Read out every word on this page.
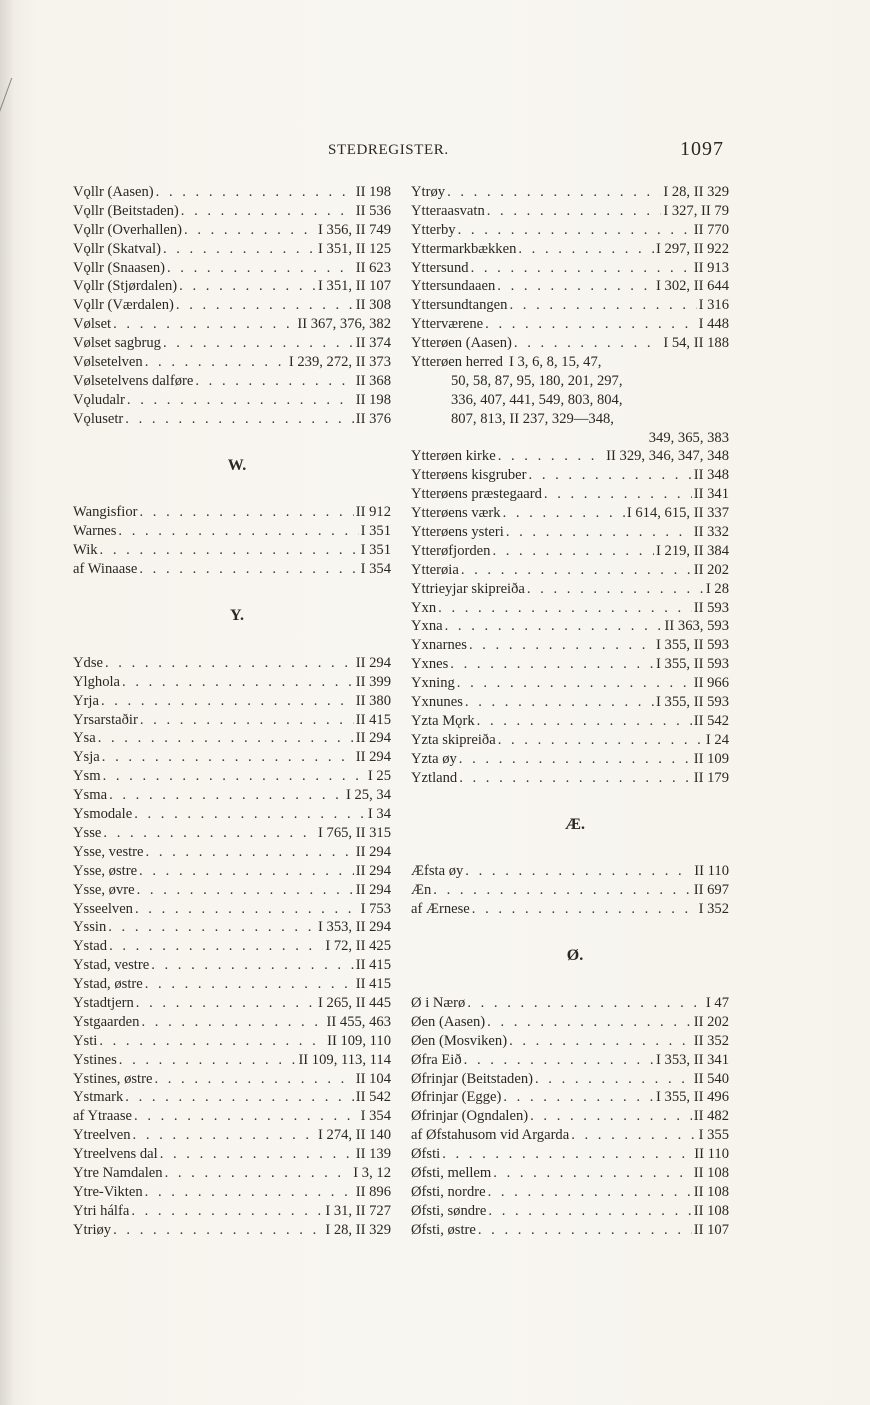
STEDREGISTER.	1097
Vǫllr (Aasen) . . .	II 198
Vǫllr (Beitstaden) . . .	II 536
Vǫllr (Overhallen) . . .	I 356, II 749
Vǫllr (Skatval) . . .	I 351, II 125
Vǫllr (Snaasen) . . .	II 623
Vǫllr (Stjørdalen) . . .	I 351, II 107
Vǫllr (Værdalen) . . .	II 308
Vølset . . .	II 367, 376, 382
Vølset sagbrug . . .	II 374
Vølsetelven . . .	I 239, 272, II 373
Vølsetelvens dalføre . . .	II 368
Vǫludalr . . .	II 198
Vǫlusetr . . .	II 376
W.
Wangisfior . . .	II 912
Warnes . . .	I 351
Wik . . .	I 351
af Winaase . . .	I 354
Y.
Ydse . . .	II 294
Ylghola . . .	II 399
Yrja . . .	II 380
Yrsarstaðir . . .	II 415
Ysa . . .	II 294
Ysja . . .	II 294
Ysm . . .	I 25
Ysma . . .	I 25, 34
Ysmodale . . .	I 34
Ysse . . .	I 765, II 315
Ysse, vestre . . .	II 294
Ysse, østre . . .	II 294
Ysse, øvre . . .	II 294
Ysseelven . . .	I 753
Yssin . . .	I 353, II 294
Ystad . . .	I 72, II 425
Ystad, vestre . . .	II 415
Ystad, østre . . .	II 415
Ystadtjern . . .	I 265, II 445
Ystgaarden . . .	II 455, 463
Ysti . . .	II 109, 110
Ystines . . .	II 109, 113, 114
Ystines, østre . . .	II 104
Ystmark . . .	II 542
af Ytraase . . .	I 354
Ytreelven . . .	I 274, II 140
Ytreelvens dal . . .	II 139
Ytre Namdalen . . .	I 3, 12
Ytre-Vikten . . .	II 896
Ytri hálfa . . .	I 31, II 727
Ytriøy . . .	I 28, II 329
Ytrøy . . .	I 28, II 329
Ytteraasvatn . . .	I 327, II 79
Ytterby . . .	II 770
Yttermarkbækken . . .	I 297, II 922
Yttersund . . .	II 913
Yttersundaaen . . .	I 302, II 644
Yttersundtangen . . .	I 316
Ytterværene . . .	I 448
Ytterøen (Aasen) . . .	I 54, II 188
Ytterøen herred I 3, 6, 8, 15, 47,
50, 58, 87, 95, 180, 201, 297,
336, 407, 441, 549, 803, 804,
807, 813, II 237, 329—348,
349, 365, 383
Ytterøen kirke . . .	II 329, 346, 347, 348
Ytterøens kisgruber . . .	II 348
Ytterøens præstegaard . . .	II 341
Ytterøens værk . . .	I 614, 615, II 337
Ytterøens ysteri . . .	II 332
Ytterøfjorden . . .	I 219, II 384
Ytterøia . . .	II 202
Yttrieyjar skipreiða . . .	I 28
Yxn . . .	II 593
Yxna . . .	II 363, 593
Yxnarnes . . .	I 355, II 593
Yxnes . . .	I 355, II 593
Yxning . . .	II 966
Yxnunes . . .	I 355, II 593
Yzta Mǫrk . . .	II 542
Yzta skipreiða . . .	I 24
Yzta øy . . .	II 109
Yztland . . .	II 179
Æ.
Æfsta øy . . .	II 110
Æn . . .	II 697
af Ærnese . . .	I 352
Ø.
Ø i Nærø . . .	I 47
Øen (Aasen) . . .	II 202
Øen (Mosviken) . . .	II 352
Øfra Eið . . .	I 353, II 341
Øfrinjar (Beitstaden) . . .	II 540
Øfrinjar (Egge) . . .	I 355, II 496
Øfrinjar (Ogndalen) . . .	II 482
af Øfstahusom vid Argarda . . .	I 355
Øfsti . . .	II 110
Øfsti, mellem . . .	II 108
Øfsti, nordre . . .	II 108
Øfsti, søndre . . .	II 108
Øfsti, østre . . .	II 107
